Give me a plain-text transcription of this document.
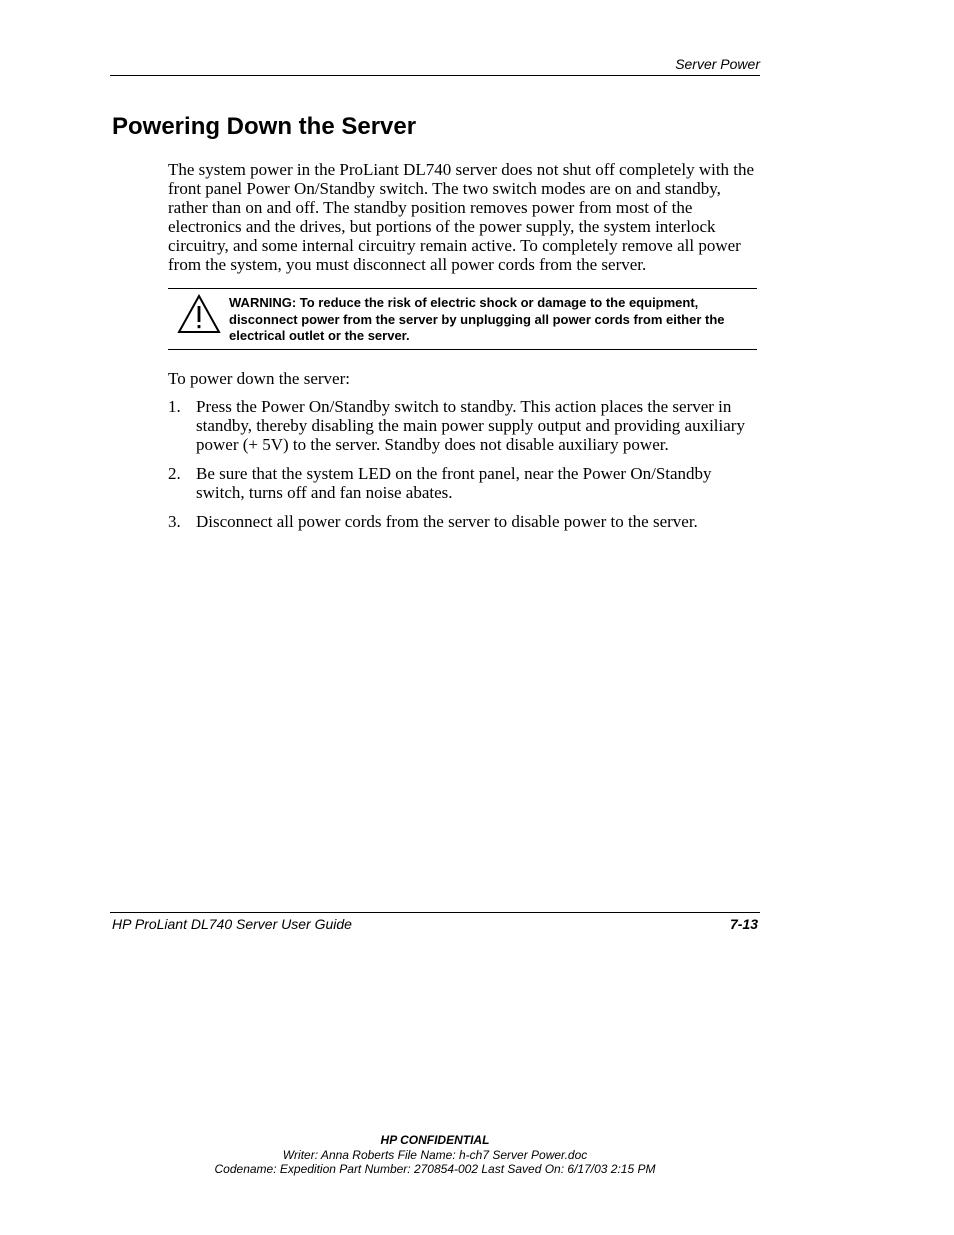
Server Power
Powering Down the Server

The system power in the ProLiant DL740 server does not shut off completely with the front panel Power On/Standby switch. The two switch modes are on and standby, rather than on and off. The standby position removes power from most of the electronics and the drives, but portions of the power supply, the system interlock circuitry, and some internal circuitry remain active. To completely remove all power from the system, you must disconnect all power cords from the server.

WARNING: To reduce the risk of electric shock or damage to the equipment, disconnect power from the server by unplugging all power cords from either the electrical outlet or the server.

To power down the server:

1. Press the Power On/Standby switch to standby. This action places the server in standby, thereby disabling the main power supply output and providing auxiliary power (+ 5V) to the server. Standby does not disable auxiliary power.
2. Be sure that the system LED on the front panel, near the Power On/Standby switch, turns off and fan noise abates.
3. Disconnect all power cords from the server to disable power to the server.
HP ProLiant DL740 Server User Guide	7-13
HP CONFIDENTIAL
Writer: Anna Roberts File Name: h-ch7 Server Power.doc
Codename: Expedition Part Number: 270854-002 Last Saved On: 6/17/03 2:15 PM
